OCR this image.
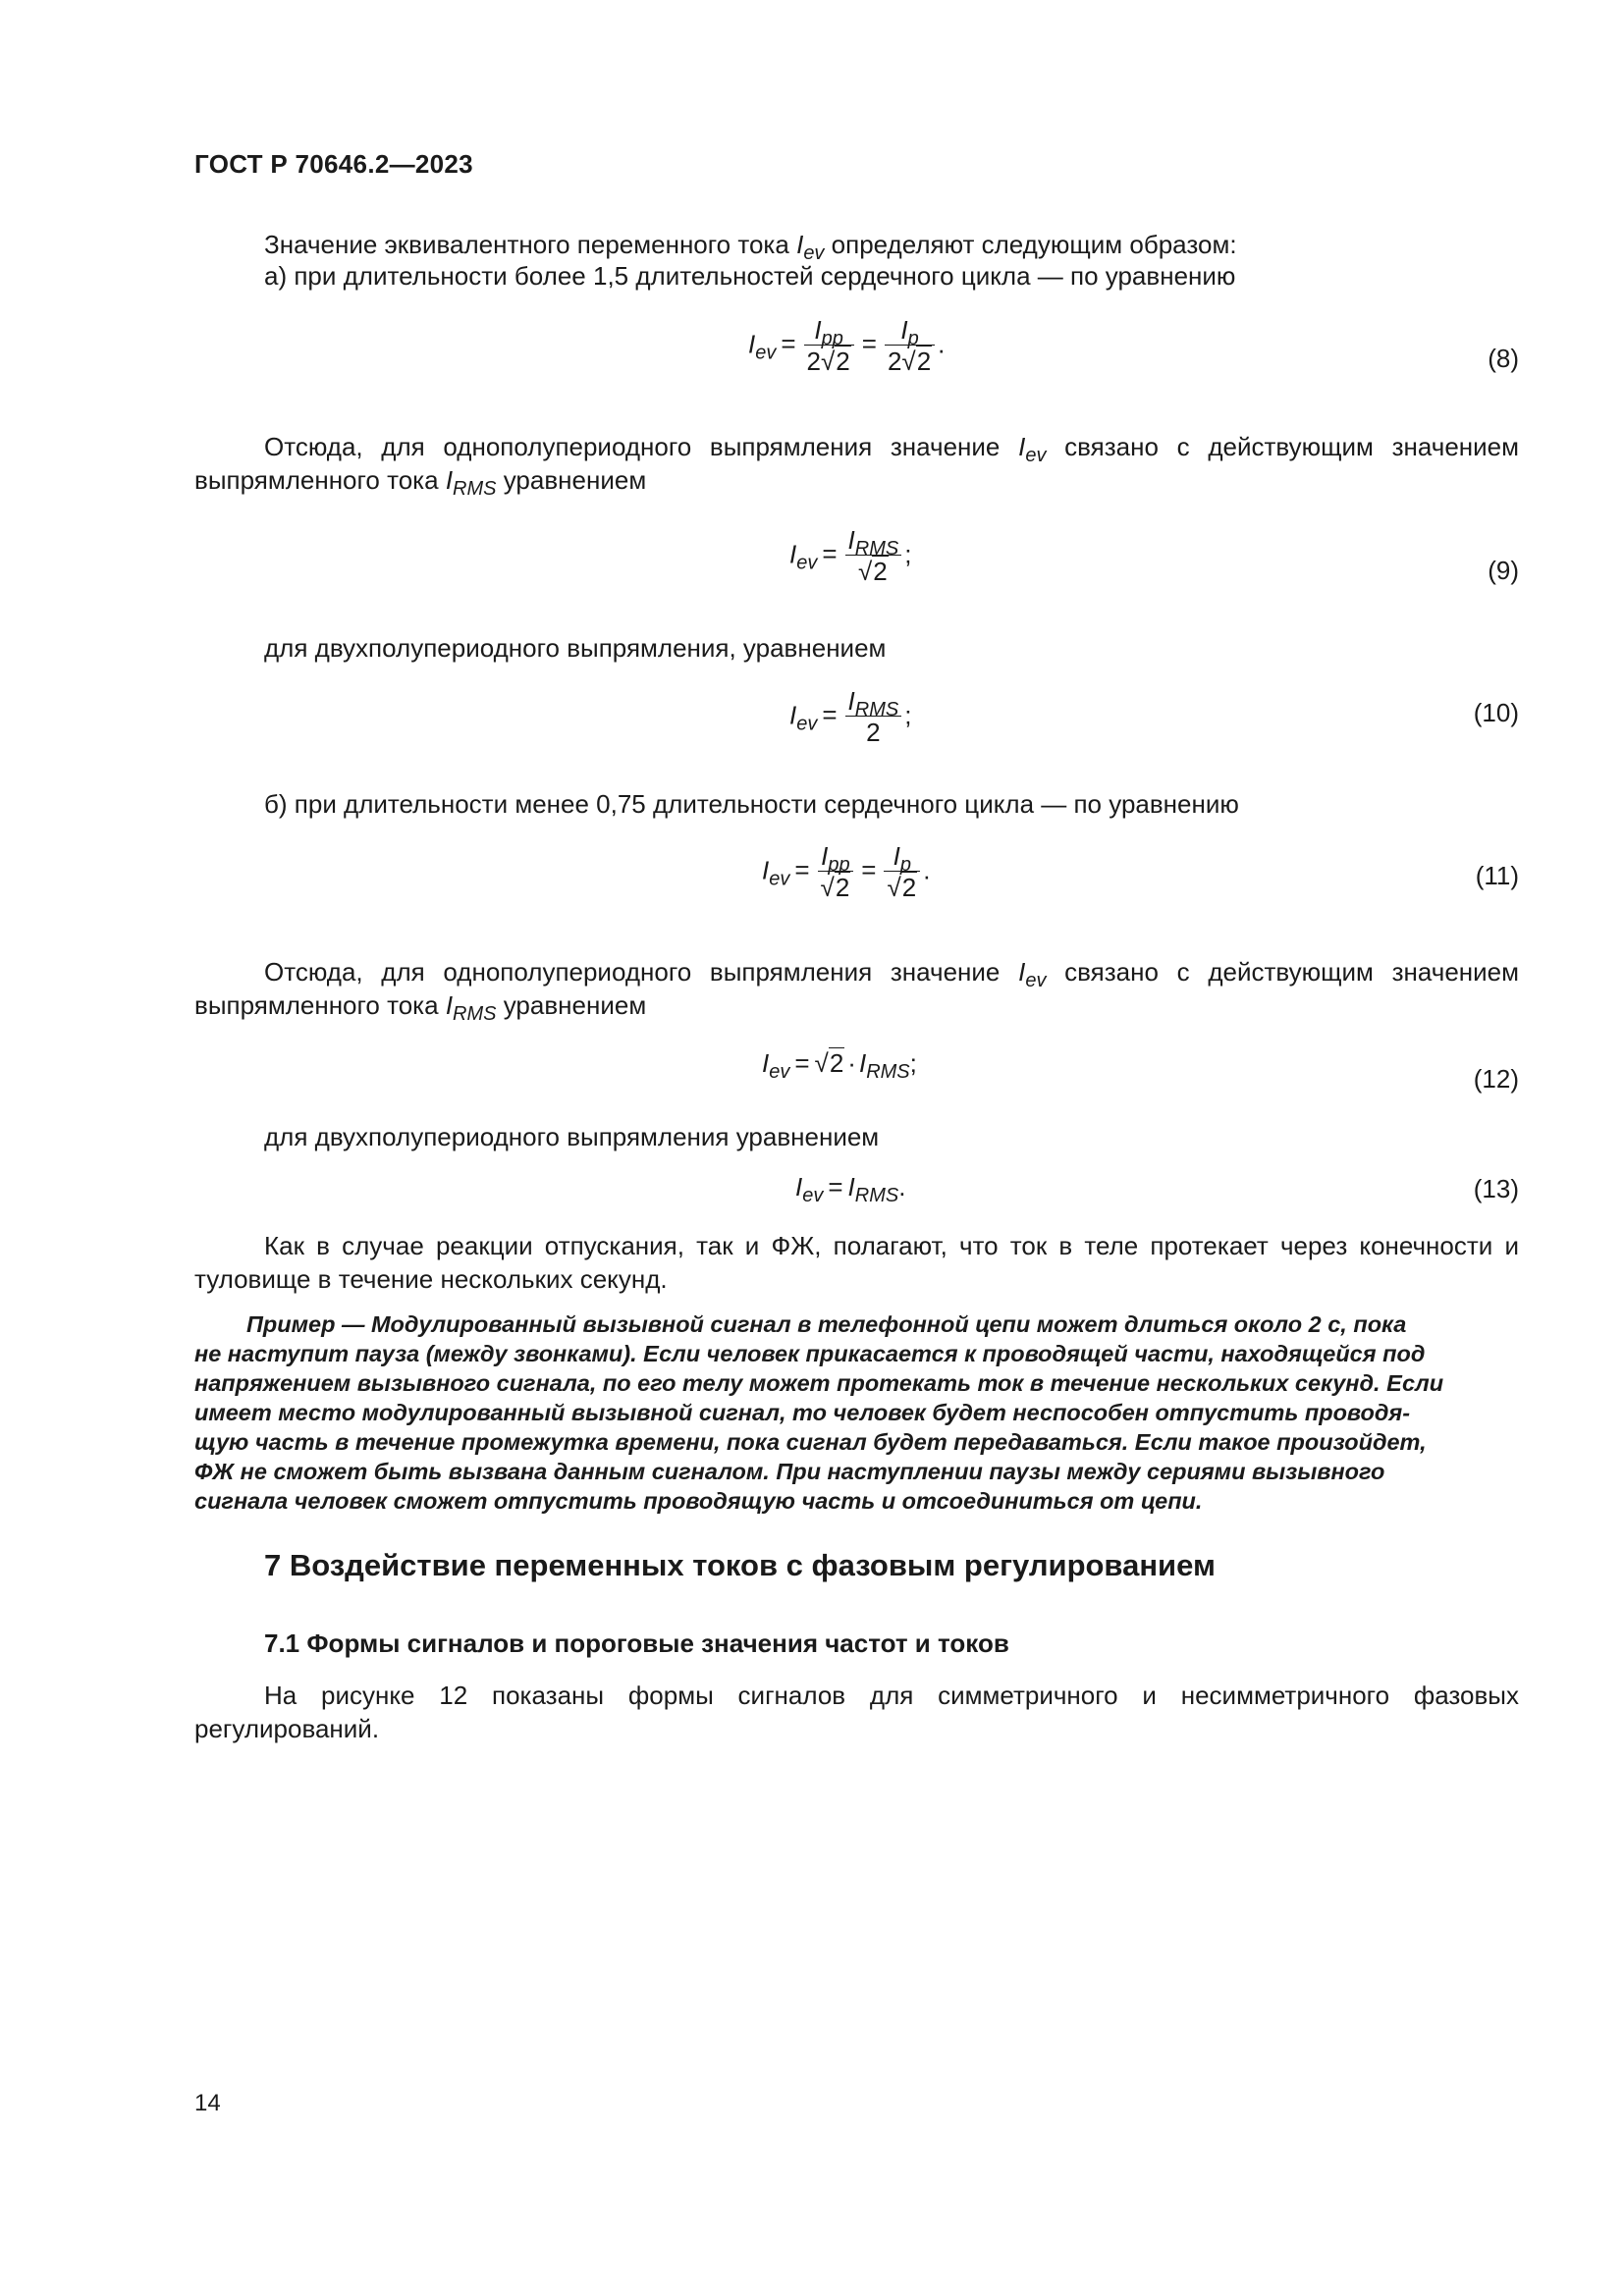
ГОСТ Р 70646.2—2023
Значение эквивалентного переменного тока $I_{ev}$ определяют следующим образом:
а) при длительности более 1,5 длительностей сердечного цикла — по уравнению
$I_{ev} = \frac{I_{pp}}{2√2} = \frac{I_p}{2√2}$ .	(8)
Отсюда, для однополупериодного выпрямления значение $I_{ev}$ связано с действующим значением выпрямленного тока $I_{RMS}$ уравнением
$I_{ev} = \frac{I_{RMS}}{√2}$ ;
(9)
для двухполупериодного выпрямления, уравнением
$I_{ev} = \frac{I_{RMS}}{2}$ ;	(10)
б) при длительности менее 0,75 длительности сердечного цикла — по уравнению
$I_{ev} = \frac{I_{pp}}{√2} = \frac{I_p}{√2}$ .	(11)
Отсюда, для однополупериодного выпрямления значение $I_{ev}$ связано с действующим значением выпрямленного тока $I_{RMS}$ уравнением
$I_{ev} = √2 \cdot I_{RMS}$;
(12)
для двухполупериодного выпрямления уравнением
$I_{ev} = I_{RMS}$.	(13)
Как в случае реакции отпускания, так и ФЖ, полагают, что ток в теле протекает через конечности и туловище в течение нескольких секунд.
Пример — Модулированный вызывной сигнал в телефонной цепи может длиться около 2 с, пока
не наступит пауза (между звонками). Если человек прикасается к проводящей части, находящейся под
напряжением вызывного сигнала, по его телу может протекать ток в течение нескольких секунд. Если
имеет место модулированный вызывной сигнал, то человек будет неспособен отпустить проводя-
щую часть в течение промежутка времени, пока сигнал будет передаваться. Если такое произойдет,
ФЖ не сможет быть вызвана данным сигналом. При наступлении паузы между сериями вызывного
сигнала человек сможет отпустить проводящую часть и отсоединиться от цепи.
7 Воздействие переменных токов с фазовым регулированием
7.1 Формы сигналов и пороговые значения частот и токов
На рисунке 12 показаны формы сигналов для симметричного и несимметричного фазовых регулирований.
14
